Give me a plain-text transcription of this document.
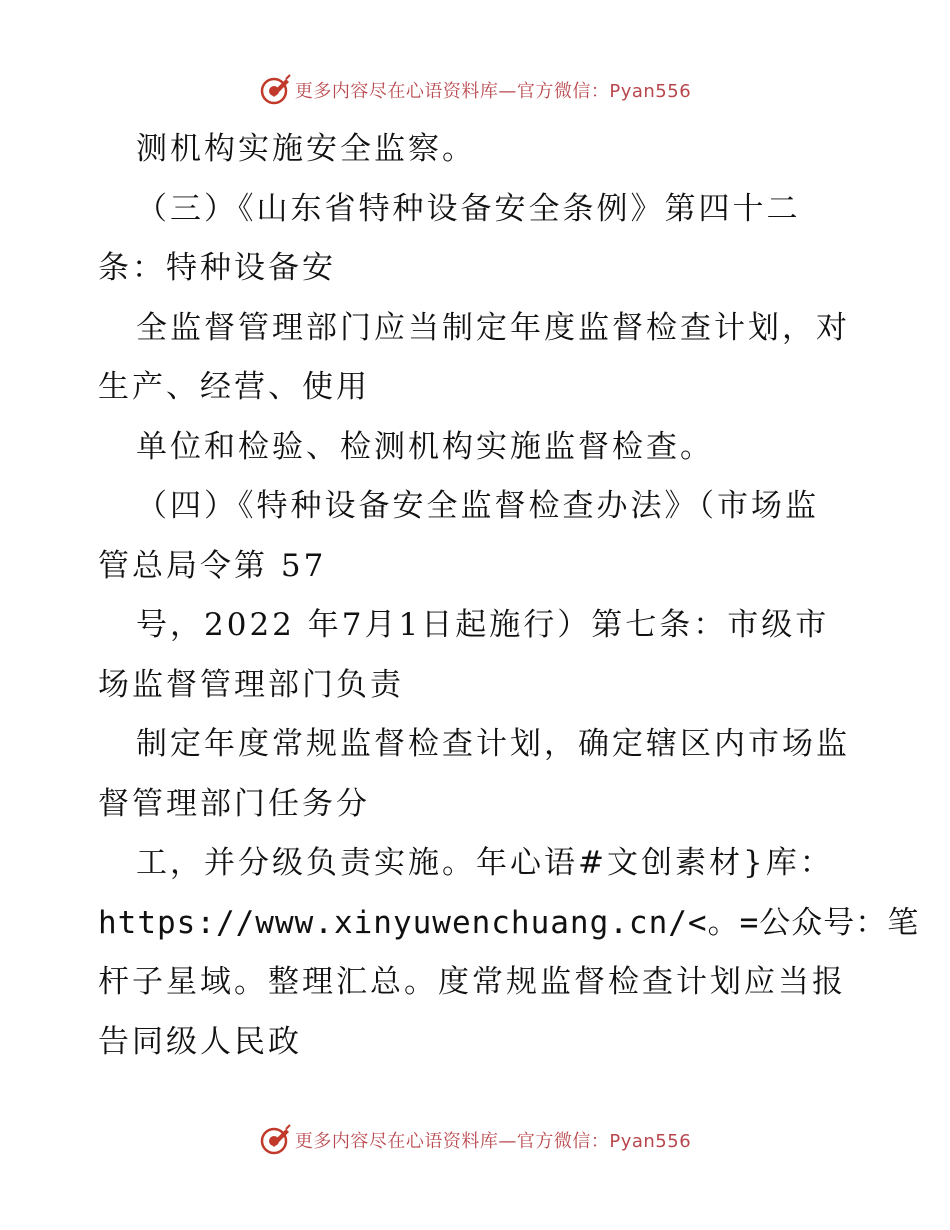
更多内容尽在心语资料库—官方微信：Pyan556
测机构实施安全监察。
（三）《山东省特种设备安全条例》第四十二
条：特种设备安
全监督管理部门应当制定年度监督检查计划，对
生产、经营、使用
单位和检验、检测机构实施监督检查。
（四）《特种设备安全监督检查办法》（市场监
管总局令第 57
号，2022 年7月1日起施行）第七条：市级市
场监督管理部门负责
制定年度常规监督检查计划，确定辖区内市场监
督管理部门任务分
工，并分级负责实施。年心语#文创素材}库：
https://www.xinyuwenchuang.cn/<。=公众号：笔
杆子星域。整理汇总。度常规监督检查计划应当报
告同级人民政
更多内容尽在心语资料库—官方微信：Pyan556
